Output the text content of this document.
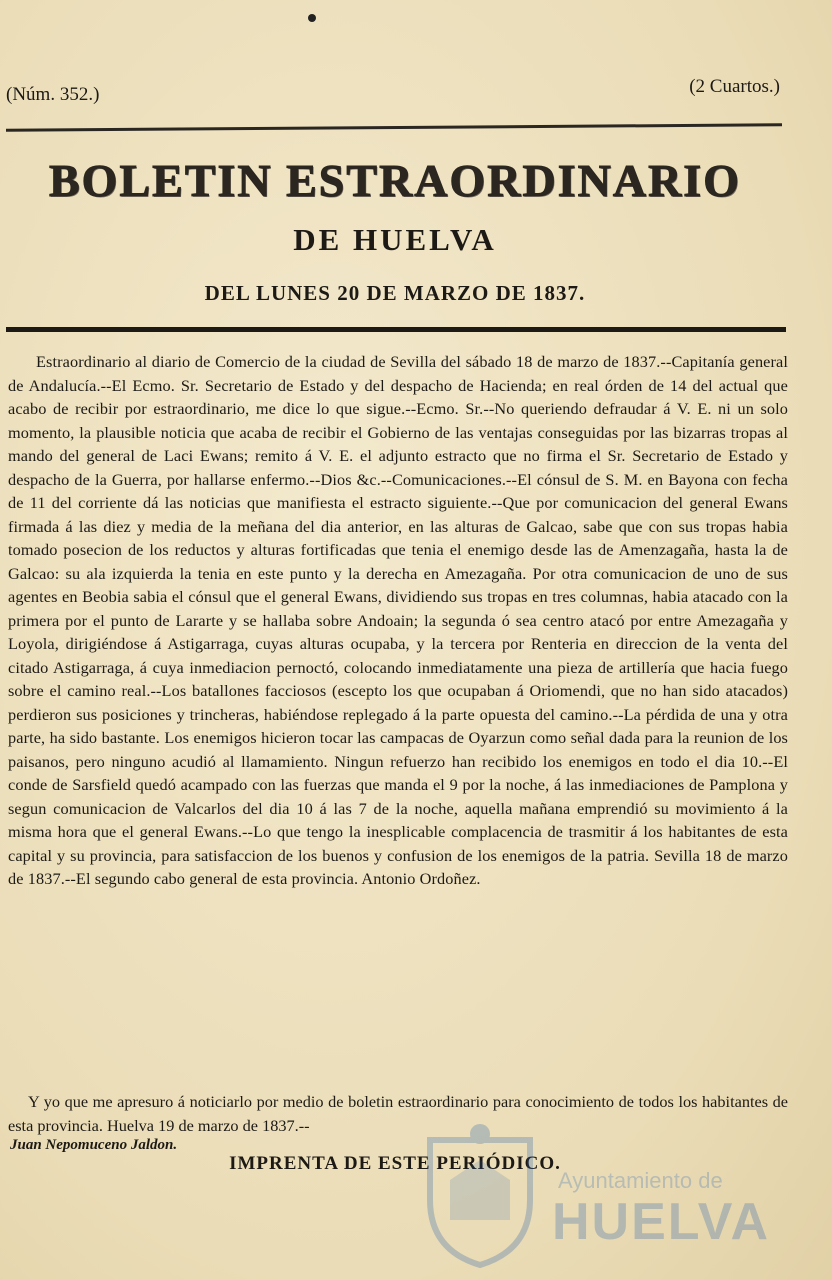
(Núm. 352.)	(2 Cuartos.)
BOLETIN ESTRAORDINARIO
DE HUELVA
DEL LUNES 20 DE MARZO DE 1837.
Estraordinario al diario de Comercio de la ciudad de Sevilla del sábado 18 de marzo de 1837.--Capitanía general de Andalucía.--El Ecmo. Sr. Secretario de Estado y del despacho de Hacienda; en real órden de 14 del actual que acabo de recibir por estraordinario, me dice lo que sigue.--Ecmo. Sr.--No queriendo defraudar á V. E. ni un solo momento, la plausible noticia que acaba de recibir el Gobierno de las ventajas conseguidas por las bizarras tropas al mando del general de Laci Ewans; remito á V. E. el adjunto estracto que no firma el Sr. Secretario de Estado y despacho de la Guerra, por hallarse enfermo.--Dios &c.--Comunicaciones.--El cónsul de S. M. en Bayona con fecha de 11 del corriente dá las noticias que manifiesta el estracto siguiente.--Que por comunicacion del general Ewans firmada á las diez y media de la meñana del dia anterior, en las alturas de Galcao, sabe que con sus tropas habia tomado posecion de los reductos y alturas fortificadas que tenia el enemigo desde las de Amenzagaña, hasta la de Galcao: su ala izquierda la tenia en este punto y la derecha en Amezagaña. Por otra comunicacion de uno de sus agentes en Beobia sabia el cónsul que el general Ewans, dividiendo sus tropas en tres columnas, habia atacado con la primera por el punto de Lararte y se hallaba sobre Andoain; la segunda ó sea centro atacó por entre Amezagaña y Loyola, dirigiéndose á Astigarraga, cuyas alturas ocupaba, y la tercera por Renteria en direccion de la venta del citado Astigarraga, á cuya inmediacion pernoctó, colocando inmediatamente una pieza de artillería que hacia fuego sobre el camino real.--Los batallones facciosos (escepto los que ocupaban á Oriomendi, que no han sido atacados) perdieron sus posiciones y trincheras, habiéndose replegado á la parte opuesta del camino.--La pérdida de una y otra parte, ha sido bastante. Los enemigos hicieron tocar las campacas de Oyarzun como señal dada para la reunion de los paisanos, pero ninguno acudió al llamamiento. Ningun refuerzo han recibido los enemigos en todo el dia 10.--El conde de Sarsfield quedó acampado con las fuerzas que manda el 9 por la noche, á las inmediaciones de Pamplona y segun comunicacion de Valcarlos del dia 10 á las 7 de la noche, aquella mañana emprendió su movimiento á la misma hora que el general Ewans.--Lo que tengo la inesplicable complacencia de trasmitir á los habitantes de esta capital y su provincia, para satisfaccion de los buenos y confusion de los enemigos de la patria. Sevilla 18 de marzo de 1837.--El segundo cabo general de esta provincia. Antonio Ordoñez.
Y yo que me apresuro á noticiarlo por medio de boletin estraordinario para conocimiento de todos los habitantes de esta provincia. Huelva 19 de marzo de 1837.--
Juan Nepomuceno Jaldon.
IMPRENTA DE ESTE PERIÓDICO.
Ayuntamiento de
HUELVA
